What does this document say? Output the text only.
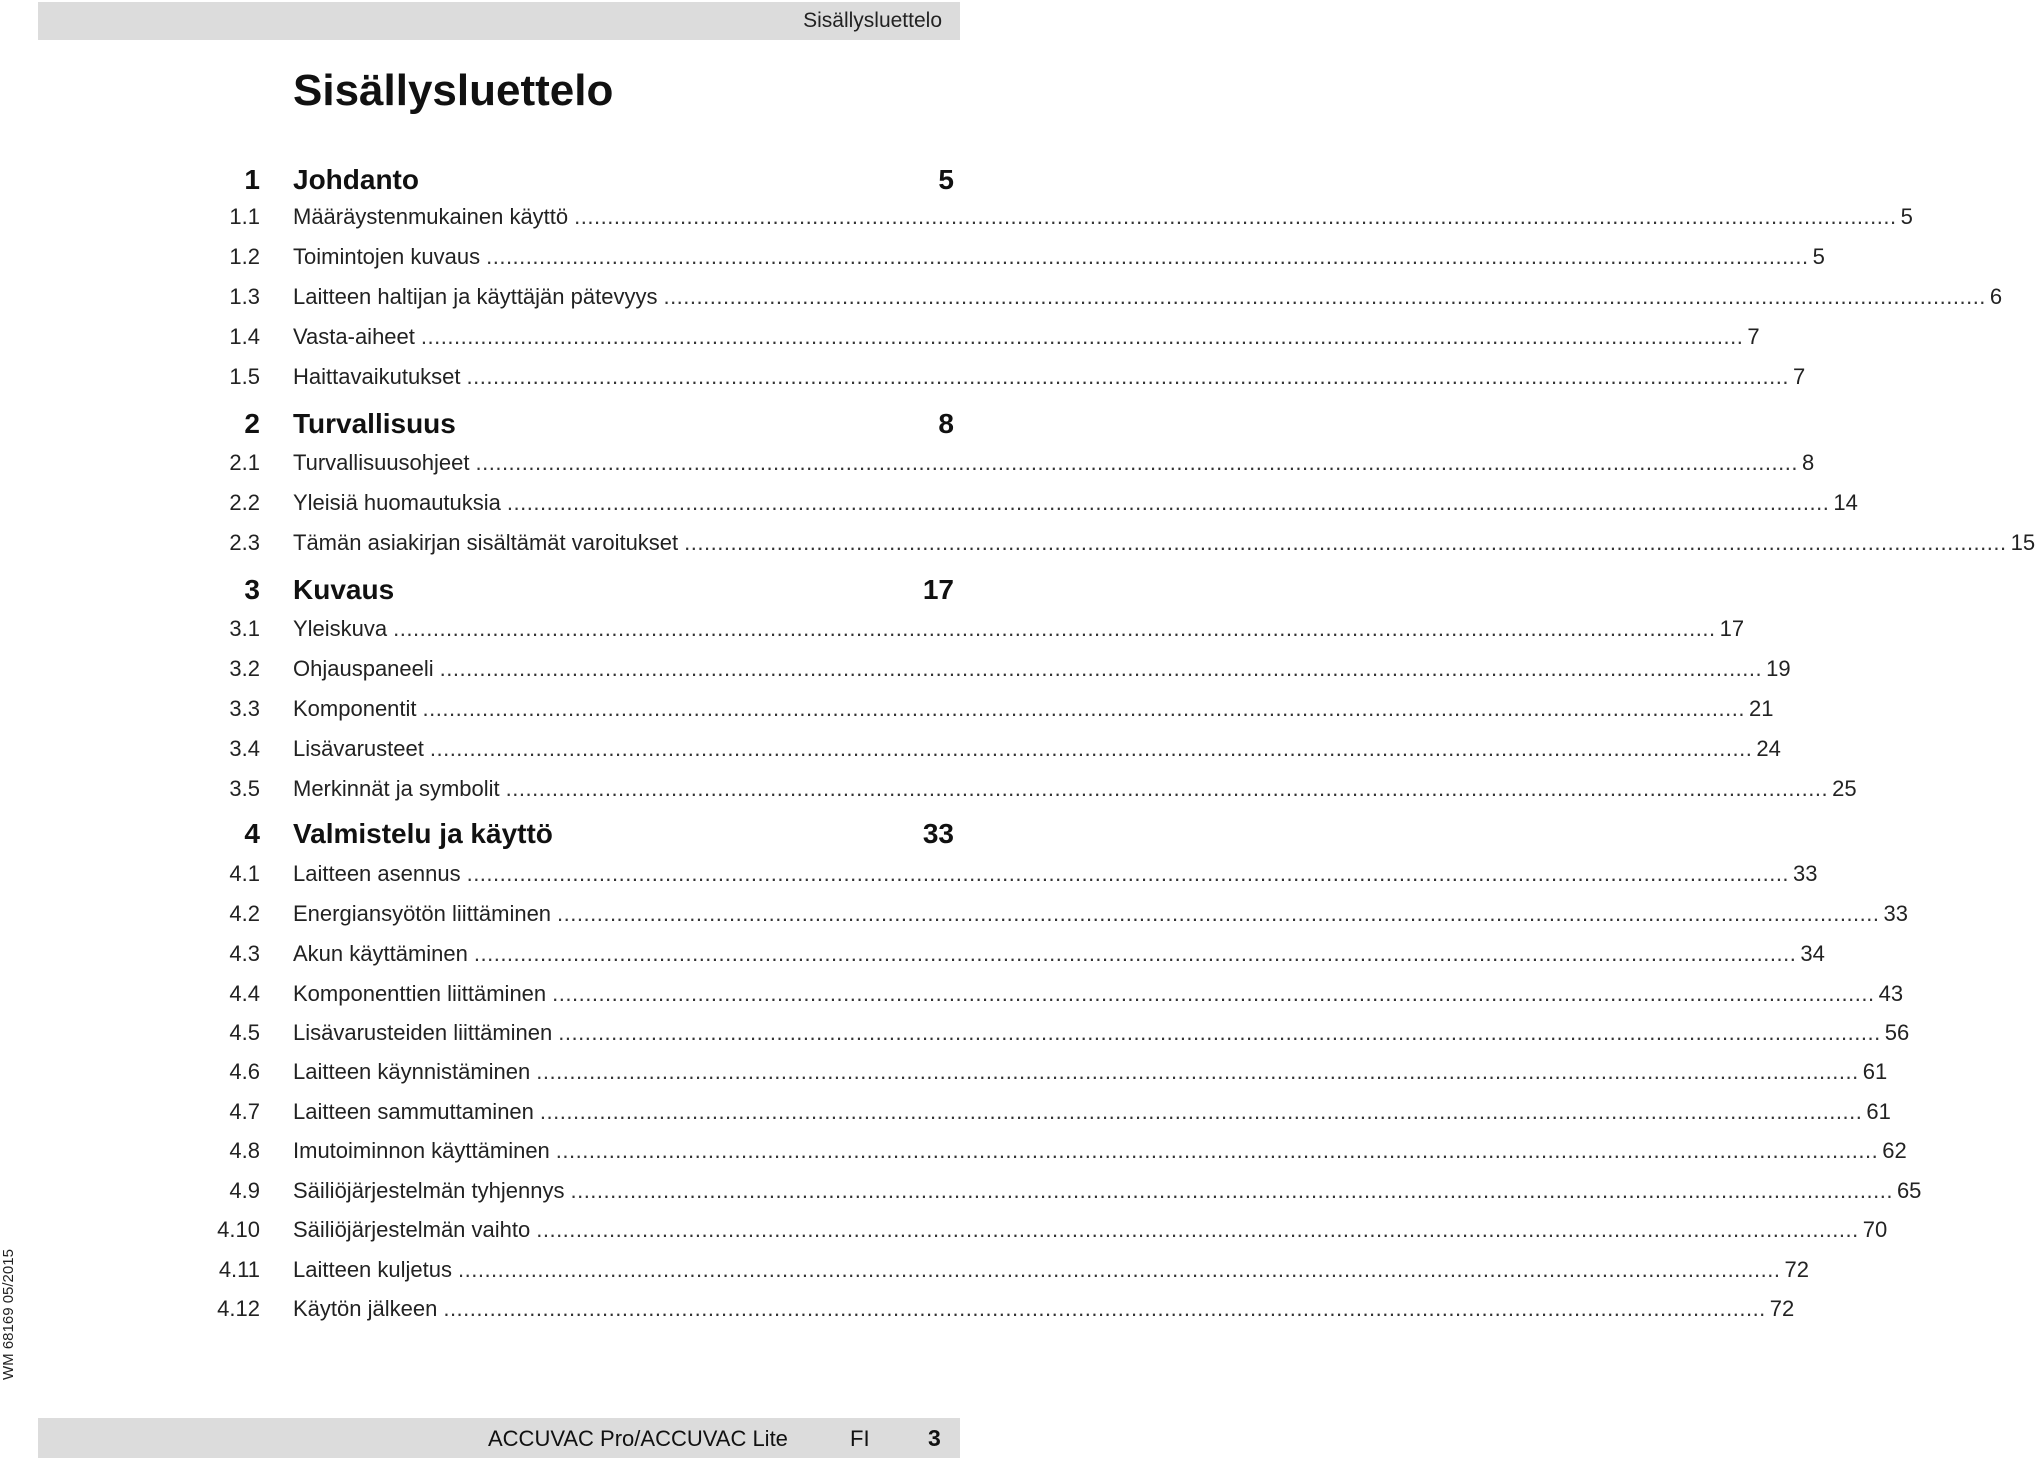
Sisällysluettelo
Sisällysluettelo
1 Johdanto	5
1.1 Määräystenmukainen käyttö ........................................................................................................................................................................................................ 5
1.2 Toimintojen kuvaus ........................................................................................................................................................................................................ 5
1.3 Laitteen haltijan ja käyttäjän pätevyys ........................................................................................................................................................................................................ 6
1.4 Vasta-aiheet ........................................................................................................................................................................................................ 7
1.5 Haittavaikutukset ........................................................................................................................................................................................................ 7
2 Turvallisuus	8
2.1 Turvallisuusohjeet ........................................................................................................................................................................................................ 8
2.2 Yleisiä huomautuksia ........................................................................................................................................................................................................ 14
2.3 Tämän asiakirjan sisältämät varoitukset ........................................................................................................................................................................................................ 15
3 Kuvaus	17
3.1 Yleiskuva ........................................................................................................................................................................................................ 17
3.2 Ohjauspaneeli ........................................................................................................................................................................................................ 19
3.3 Komponentit ........................................................................................................................................................................................................ 21
3.4 Lisävarusteet ........................................................................................................................................................................................................ 24
3.5 Merkinnät ja symbolit ........................................................................................................................................................................................................ 25
4 Valmistelu ja käyttö	33
4.1 Laitteen asennus ........................................................................................................................................................................................................ 33
4.2 Energiansyötön liittäminen ........................................................................................................................................................................................................ 33
4.3 Akun käyttäminen ........................................................................................................................................................................................................ 34
4.4 Komponenttien liittäminen ........................................................................................................................................................................................................ 43
4.5 Lisävarusteiden liittäminen ........................................................................................................................................................................................................ 56
4.6 Laitteen käynnistäminen ........................................................................................................................................................................................................ 61
4.7 Laitteen sammuttaminen ........................................................................................................................................................................................................ 61
4.8 Imutoiminnon käyttäminen ........................................................................................................................................................................................................ 62
4.9 Säiliöjärjestelmän tyhjennys ........................................................................................................................................................................................................ 65
4.10 Säiliöjärjestelmän vaihto ........................................................................................................................................................................................................ 70
4.11 Laitteen kuljetus ........................................................................................................................................................................................................ 72
4.12 Käytön jälkeen ........................................................................................................................................................................................................ 72
WM 68169 05/2015
ACCUVAC Pro/ACCUVAC Lite	FI	3
